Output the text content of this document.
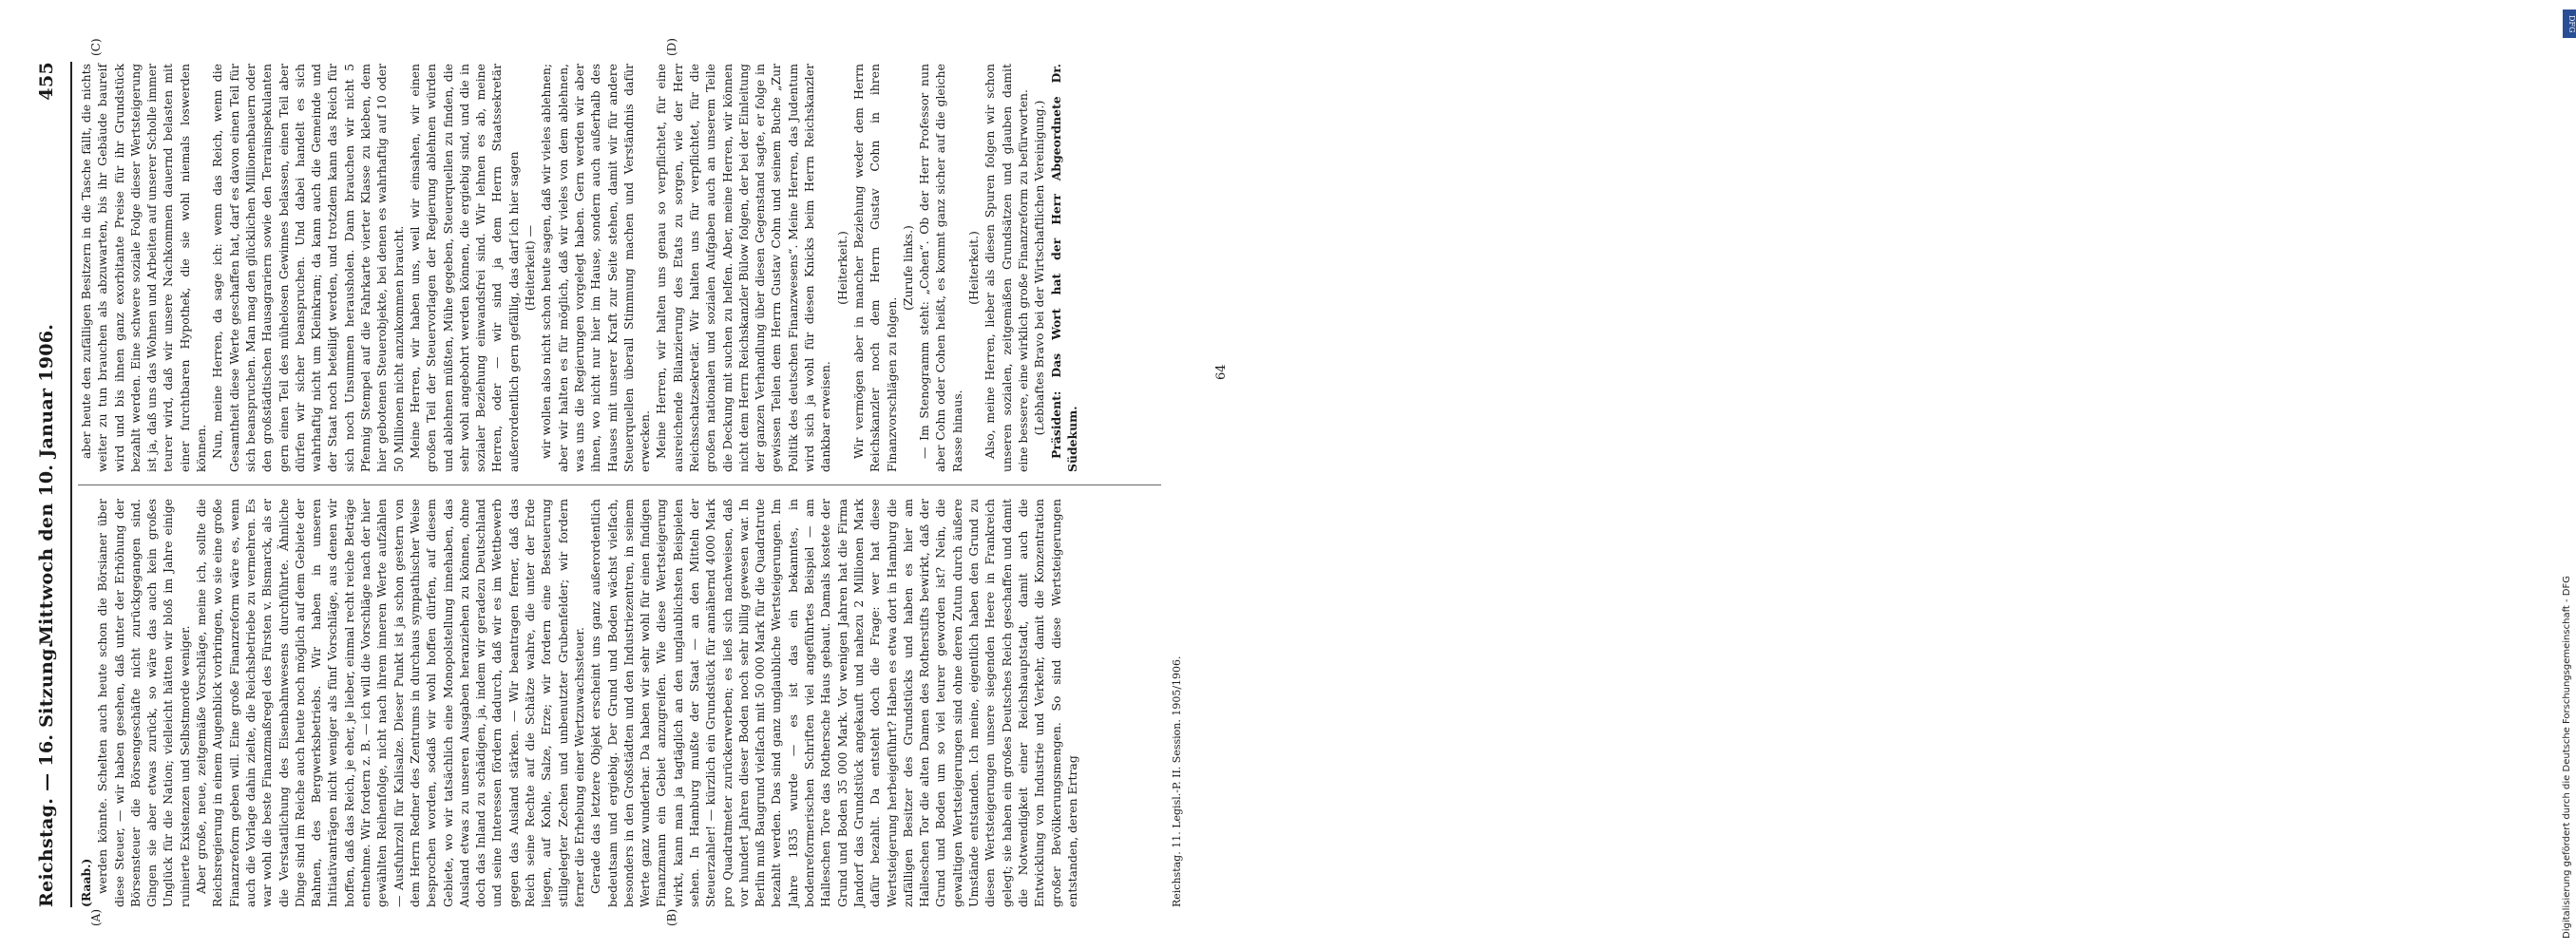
Reichstag. — 16. Sitzung.
Mittwoch den 10. Januar 1906.
455

(Raab.) werden könnte. Schelten auch heute schon die Börsianer über diese Steuer, — wir haben gesehen, daß unter der Erhöhung der Börsensteuer die Börsengeschäfte nicht zurückgegangen sind. Gingen sie aber etwas zurück, so wäre das auch kein großes Unglück für die Nation; vielleicht hätten wir bloß im Jahre einige ruinierte Existenzen und Selbstmorde weniger. Aber große, neue, zeitgemäße Vorschläge, meine ich, sollte die Reichsregierung in einem Augenblick vorbringen, wo sie eine große Finanzreform geben will. Eine große Finanzreform wäre es, wenn auch die Vorlage dahin zielte, die Reichsbetriebe zu vermehren. Es war wohl die beste Finanzmaßregel des Fürsten v. Bismarck, als er die Verstaatlichung des Eisenbahnwesens durchführte. Ähnliche Dinge sind im Reiche auch heute noch möglich auf dem Gebiete der Bahnen, des Bergwerksbetriebs. Wir haben in unseren Initiativanträgen nicht weniger als fünf Vorschläge, aus denen wir hoffen, daß das Reich, je eher, je lieber, einmal recht reiche Beträge entnehme. Wir fordern z. B. — ich will die Vorschläge nach der hier gewählten Reihenfolge, nicht nach ihrem inneren Werte aufzählen — Ausfuhrzoll für Kalisalze. Dieser Punkt ist ja schon gestern von dem Herrn Redner des Zentrums in durchaus sympathischer Weise besprochen worden, sodaß wir wohl hoffen dürfen, auf diesem Gebiete, wo wir tatsächlich eine Monopolstellung innehaben, das Ausland etwas zu unseren Ausgaben heranziehen zu können, ohne doch das Inland zu schädigen, ja, indem wir geradezu Deutschland und seine Interessen fördern dadurch, daß wir es im Wettbewerb gegen das Ausland stärken. — Wir beantragen ferner, daß das Reich seine Rechte auf die Schätze wahre, die unter der Erde liegen, auf Kohle, Salze, Erze; wir fordern eine Besteuerung stillgelegter Zechen und unbenutzter Grubenfelder; wir fordern ferner die Erhebung einer Wertzuwachssteuer. Gerade das letztere Objekt erscheint uns ganz außerordentlich bedeutsam und ergiebig. Der Grund und Boden wächst vielfach, besonders in den Großstädten und den Industriezentren, in seinem Werte ganz wunderbar. Da haben wir sehr wohl für einen findigen Finanzmann ein Gebiet anzugreifen. Wie diese Wertsteigerung wirkt, kann man ja tagtäglich an den unglaublichsten Beispielen sehen. In Hamburg mußte der Staat — an den Mitteln der Steuerzahler! — kürzlich ein Grundstück für annähernd 4000 Mark pro Quadratmeter zurückerwerben; es ließ sich nachweisen, daß vor hundert Jahren dieser Boden noch sehr billig gewesen war. In Berlin muß Baugrund vielfach mit 50 000 Mark für die Quadratrute bezahlt werden. Das sind ganz unglaubliche Wertsteigerungen. Im Jahre 1835 wurde — es ist das ein bekanntes, in bodenreformerischen Schriften viel angeführtes Beispiel — am Halleschen Tore das Rothersche Haus gebaut. Damals kostete der Grund und Boden 35 000 Mark. Vor wenigen Jahren hat die Firma Jandorf das Grundstück angekauft und nahezu 2 Millionen Mark dafür bezahlt. Da entsteht doch die Frage: wer hat diese Wertsteigerung herbeigeführt? Haben es etwa dort in Hamburg die zufälligen Besitzer des Grundstücks und haben es hier am Halleschen Tor die alten Damen des Rotherstifts bewirkt, daß der Grund und Boden um so viel teurer geworden ist? Nein, die gewaltigen Wertsteigerungen sind ohne deren Zutun durch äußere Umstände entstanden. Ich meine, eigentlich haben den Grund zu diesen Wertsteigerungen unsere siegenden Heere in Frankreich gelegt; sie haben ein großes Deutsches Reich geschaffen und damit die Notwendigkeit einer Reichshauptstadt, damit auch die Entwicklung von Industrie und Verkehr, damit die Konzentration großer Bevölkerungsmengen. So sind diese Wertsteigerungen entstanden, deren Ertrag

aber heute den zufälligen Besitzern in die Tasche fällt, die nichts weiter zu tun brauchen als abzuwarten, bis ihr Gebäude baureif wird und bis ihnen ganz exorbitante Preise für ihr Grundstück bezahlt werden. Eine schwere soziale Folge dieser Wertsteigerung ist ja, daß uns das Wohnen und Arbeiten auf unserer Scholle immer teurer wird, daß wir unsere Nachkommen dauernd belasten mit einer furchtbaren Hypothek, die sie wohl niemals loswerden können. Nun, meine Herren, da sage ich: wenn das Reich, wenn die Gesamtheit diese Werte geschaffen hat, darf es davon einen Teil für sich beanspruchen. Man mag den glücklichen Millionenbauern oder den großstädtischen Hausagrariern sowie den Terrainspekulanten gern einen Teil des mühelosen Gewinnes belassen, einen Teil aber dürfen wir sicher beanspruchen. Und dabei handelt es sich wahrhaftig nicht um Kleinkram; da kann auch die Gemeinde und der Staat noch beteiligt werden, und trotzdem kann das Reich für sich noch Unsummen herausholen. Dann brauchen wir nicht 5 Pfennig Stempel auf die Fahrkarte vierter Klasse zu kleben, dem hier gebotenen Steuerobjekte, bei denen es wahrhaftig auf 10 oder 50 Millionen nicht anzukommen braucht. Meine Herren, wir haben uns, weil wir einsahen, wir einen großen Teil der Steuervorlagen der Regierung ablehnen würden und ablehnen müßten, Mühe gegeben, Steuerquellen zu finden, die sehr wohl angebohrt werden können, die ergiebig sind, und die in sozialer Beziehung einwandsfrei sind. Wir lehnen es ab, meine Herren, oder — wir sind ja dem Herrn Staatssekretär außerordentlich gern gefällig, das darf ich hier sagen (Heiterkeit) — wir wollen also nicht schon heute sagen, daß wir vieles ablehnen; aber wir halten es für möglich, daß wir vieles von dem ablehnen, was uns die Regierungen vorgelegt haben. Gern werden wir aber ihnen, wo nicht nur hier im Hause, sondern auch außerhalb des Hauses mit unserer Kraft zur Seite stehen, damit wir für andere Steuerquellen überall Stimmung machen und Verständnis dafür erwecken. Meine Herren, wir halten uns genau so verpflichtet, für eine ausreichende Bilanzierung des Etats zu sorgen, wie der Herr Reichsschatzsekretär. Wir halten uns für verpflichtet, für die großen nationalen und sozialen Aufgaben auch an unserem Teile die Deckung mit suchen zu helfen. Aber, meine Herren, wir können nicht dem Herrn Reichskanzler Bülow folgen, der bei der Einleitung der ganzen Verhandlung über diesen Gegenstand sagte, er folge in gewissen Teilen dem Herrn Gustav Cohn und seinem Buche „Zur Politik des deutschen Finanzwesens“. Meine Herren, das Judentum wird sich ja wohl für diesen Knicks beim Herrn Reichskanzler dankbar erweisen.

(Heiterkeit.) Wir vermögen aber in mancher Beziehung weder dem Herrn Reichskanzler noch dem Herrn Gustav Cohn in ihren Finanzvorschlägen zu folgen.

(Zurufe links.) — Im Stenogramm steht: „Cohen“. Ob der Herr Professor nun aber Cohn oder Cohen heißt, es kommt ganz sicher auf die gleiche Rasse hinaus.

(Heiterkeit.) Also, meine Herren, lieber als diesen Spuren folgen wir schon unseren sozialen, zeitgemäßen Grundsätzen und glauben damit eine bessere, eine wirklich große Finanzreform zu befürworten. (Lebhaftes Bravo bei der Wirtschaftlichen Vereinigung.) Präsident: Das Wort hat der Herr Abgeordnete Dr. Südekum.

(A)	(B)
(C)	(D)
Reichstag. 11. Legisl.-P. II. Session. 1905/1906.
64
DFG
Digitalisierung gefördert durch die Deutsche Forschungsgemeinschaft - DFG
